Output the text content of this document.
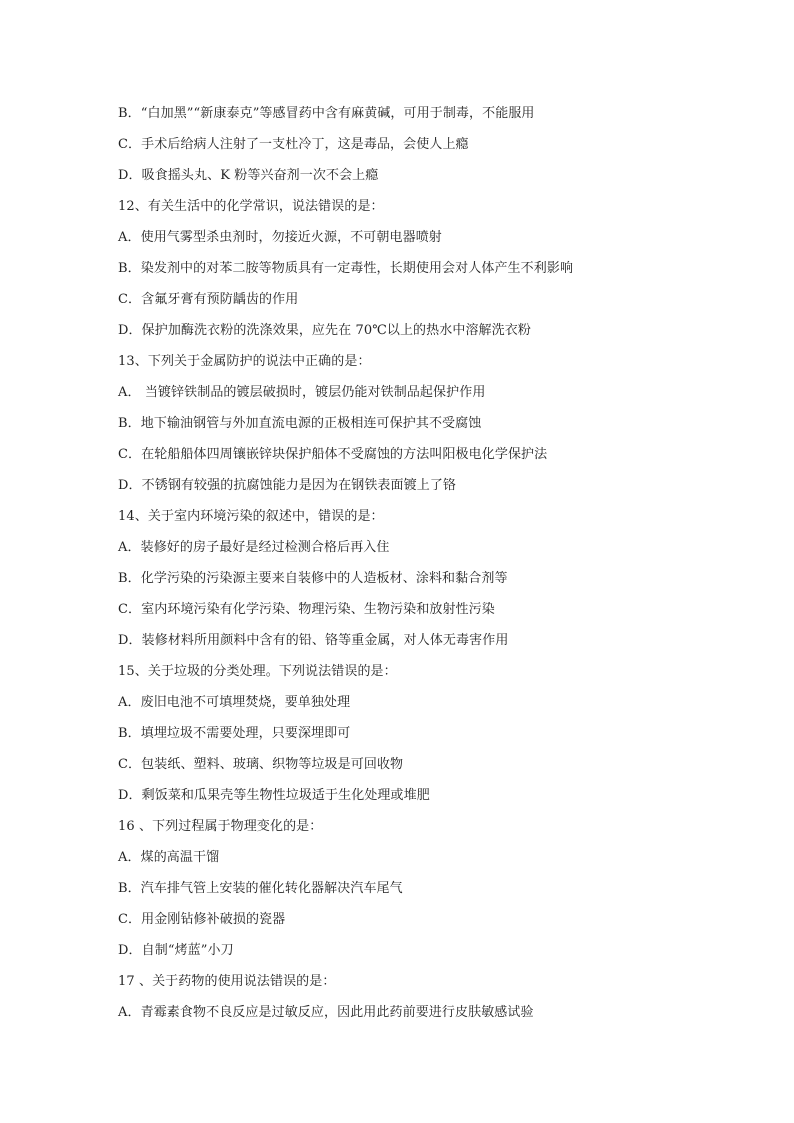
B．“白加黑”“新康泰克”等感冒药中含有麻黄碱，可用于制毒，不能服用
C．手术后给病人注射了一支杜冷丁，这是毒品，会使人上瘾
D．吸食摇头丸、K 粉等兴奋剂一次不会上瘾
12、有关生活中的化学常识，说法错误的是：
A．使用气雾型杀虫剂时，勿接近火源，不可朝电器喷射
B．染发剂中的对苯二胺等物质具有一定毒性，长期使用会对人体产生不利影响
C．含氟牙膏有预防龋齿的作用
D．保护加酶洗衣粉的洗涤效果，应先在 70℃以上的热水中溶解洗衣粉
13、下列关于金属防护的说法中正确的是：
A． 当镀锌铁制品的镀层破损时，镀层仍能对铁制品起保护作用
B．地下输油钢管与外加直流电源的正极相连可保护其不受腐蚀
C．在轮船船体四周镶嵌锌块保护船体不受腐蚀的方法叫阳极电化学保护法
D．不锈钢有较强的抗腐蚀能力是因为在钢铁表面镀上了铬
14、关于室内环境污染的叙述中，错误的是：
A．装修好的房子最好是经过检测合格后再入住
B．化学污染的污染源主要来自装修中的人造板材、涂料和黏合剂等
C．室内环境污染有化学污染、物理污染、生物污染和放射性污染
D．装修材料所用颜料中含有的铅、铬等重金属，对人体无毒害作用
15、关于垃圾的分类处理。下列说法错误的是：
A．废旧电池不可填埋焚烧，要单独处理
B．填埋垃圾不需要处理，只要深埋即可
C．包装纸、塑料、玻璃、织物等垃圾是可回收物
D．剩饭菜和瓜果壳等生物性垃圾适于生化处理或堆肥
16 、下列过程属于物理变化的是：
A．煤的高温干馏
B．汽车排气管上安装的催化转化器解决汽车尾气
C．用金刚钻修补破损的瓷器
D．自制“烤蓝”小刀
17 、关于药物的使用说法错误的是：
A．青霉素食物不良反应是过敏反应，因此用此药前要进行皮肤敏感试验
